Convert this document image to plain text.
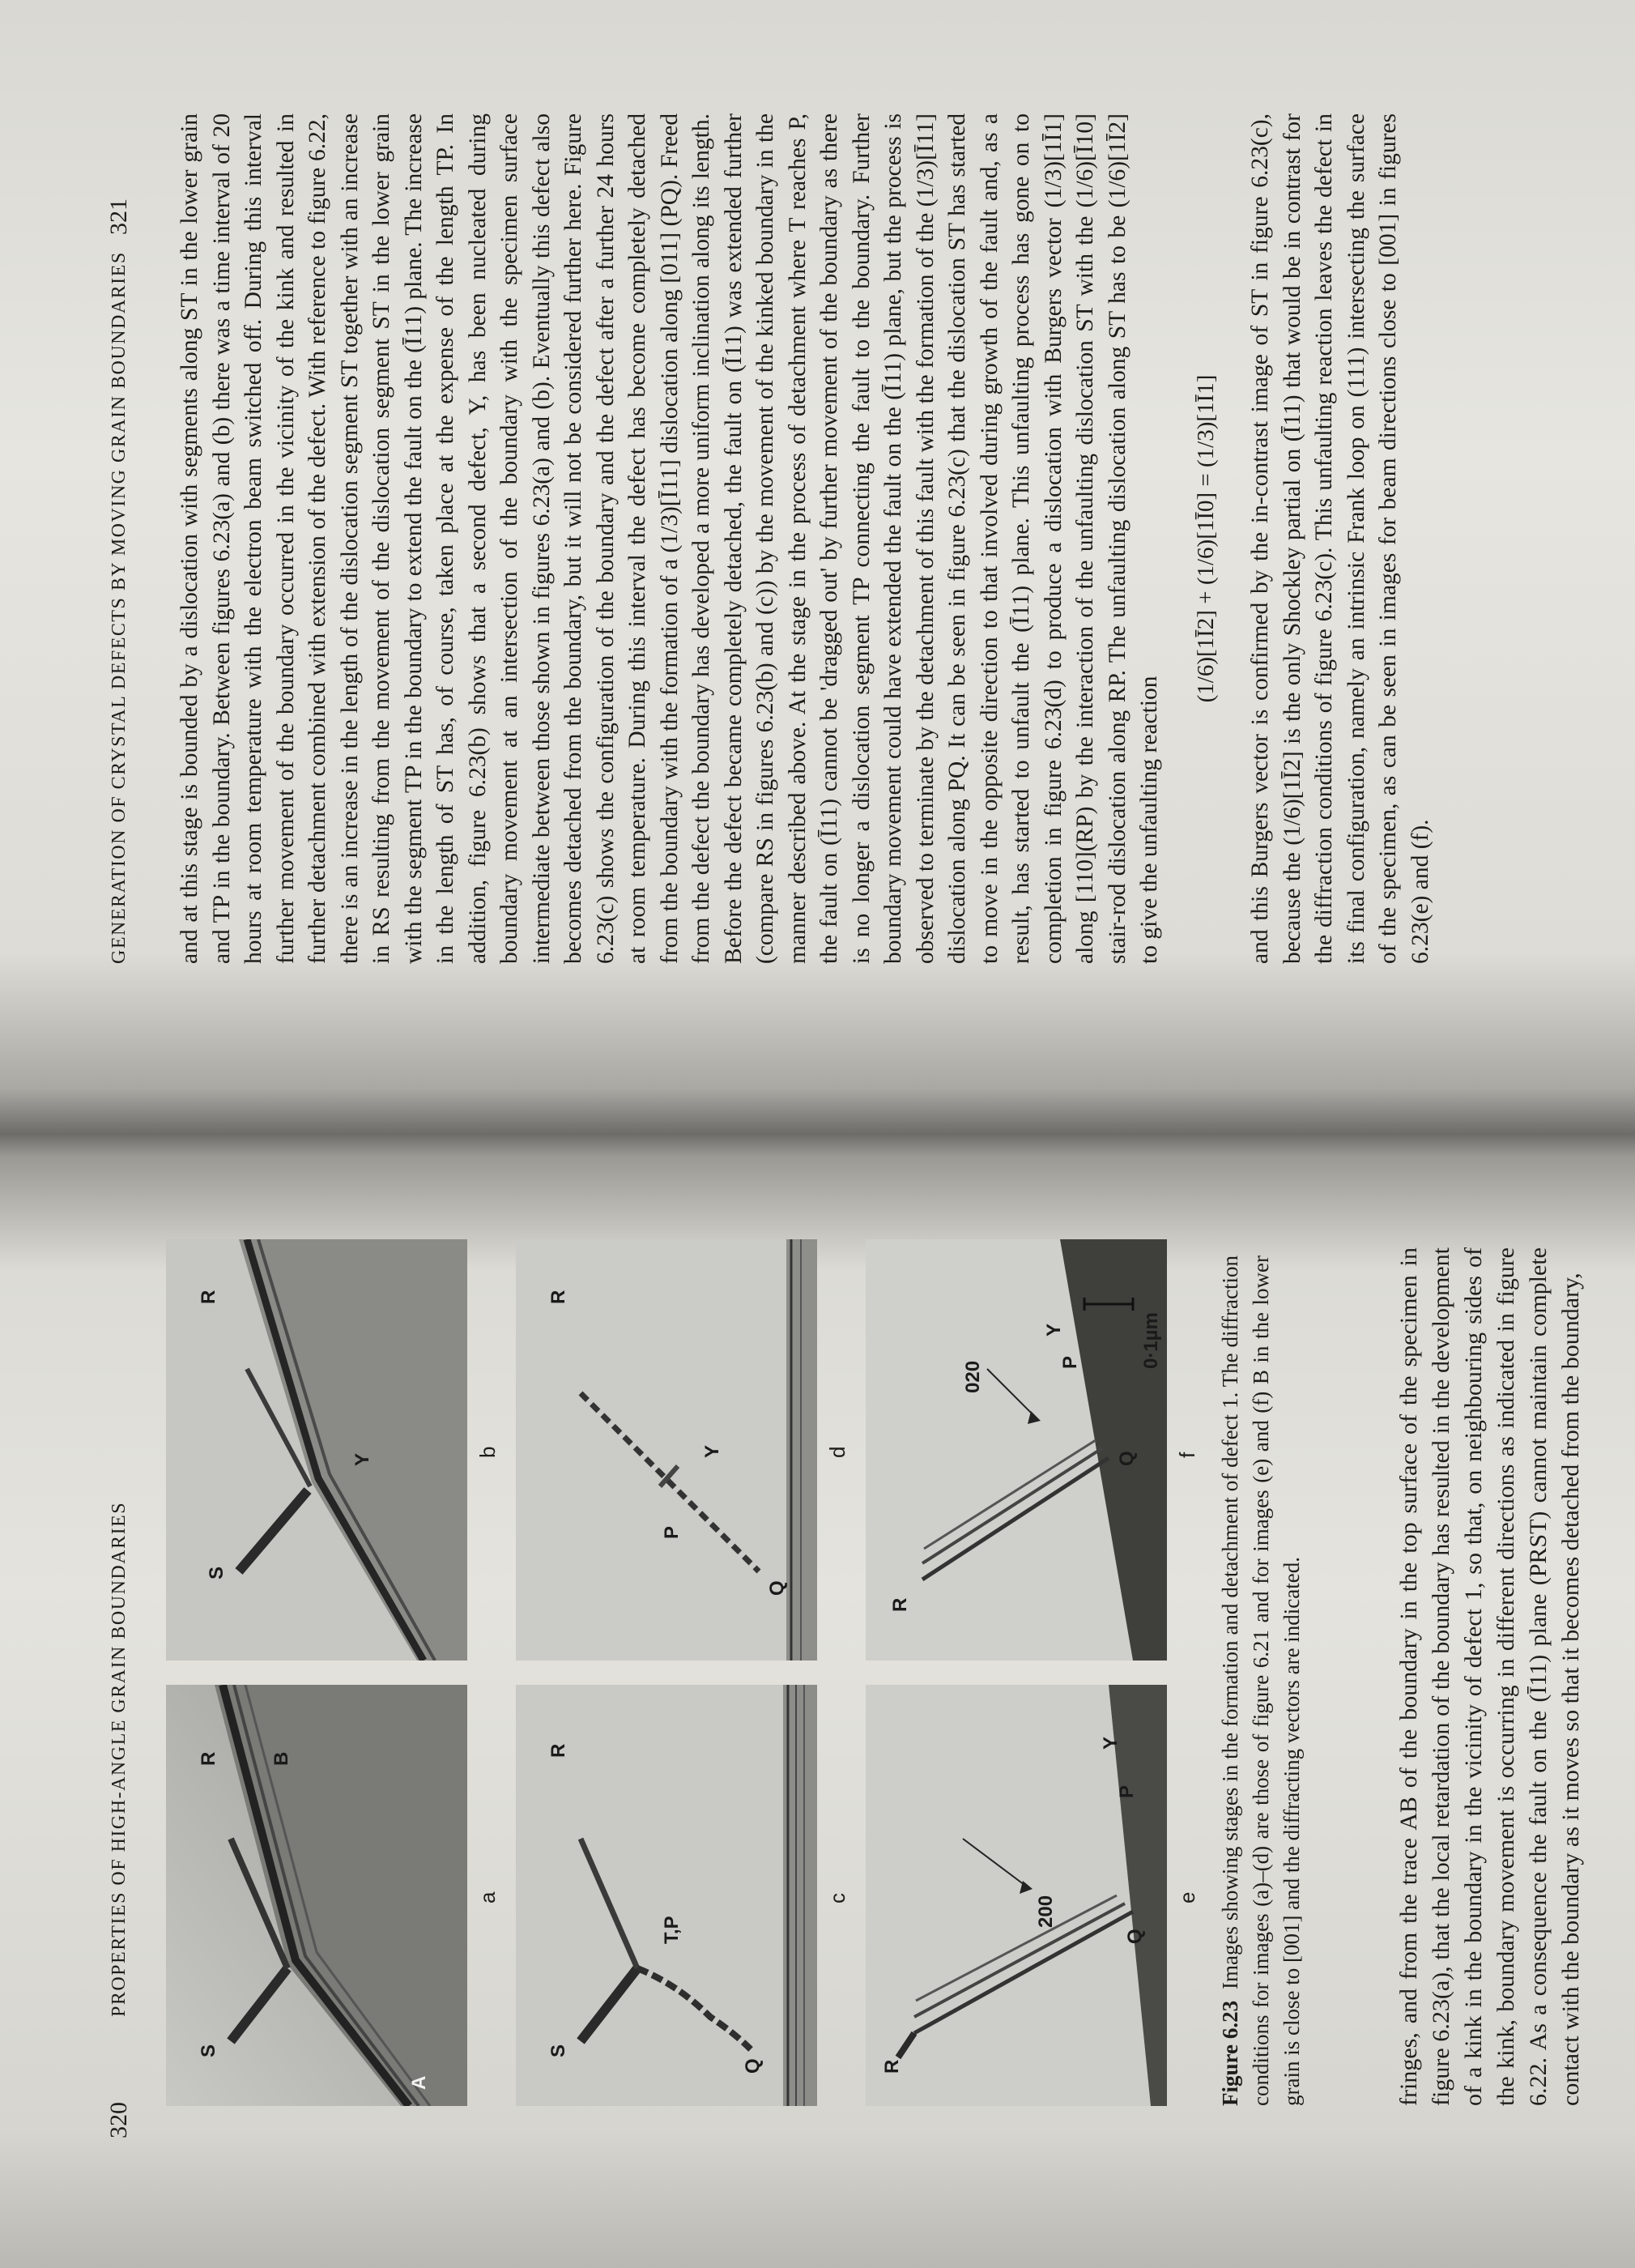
320
PROPERTIES OF HIGH-ANGLE GRAIN BOUNDARIES
S
R
A
B
a
S
R
Y
b
S
R
T,P
Q
c
R
Y
P
Q
d
R
Y
P
Q
200	e
R
Y
P
Q
020
0·1µm
f
Figure 6.23  Images showing stages in the formation and detachment of defect 1. The diffraction conditions for images (a)–(d) are those of figure 6.21 and for images (e) and (f) B in the lower grain is close to [001] and the diffracting vectors are indicated.	fringes, and from the trace AB of the boundary in the top surface of the specimen in figure 6.23(a), that the local retardation of the boundary has resulted in the development of a kink in the boundary in the vicinity of defect 1, so that, on neighbouring sides of the kink, boundary movement is occurring in different directions as indicated in figure 6.22. As a consequence the fault on the (Ī11) plane (PRST) cannot maintain complete contact with the boundary as it moves so that it becomes detached from the boundary,
GENERATION OF CRYSTAL DEFECTS BY MOVING GRAIN BOUNDARIES
321 and at this stage is bounded by a dislocation with segments along ST in the lower grain and TP in the boundary. Between figures 6.23(a) and (b) there was a time interval of 20 hours at room temperature with the electron beam switched off. During this interval further movement of the boundary occurred in the vicinity of the kink and resulted in further detachment combined with extension of the defect. With reference to figure 6.22, there is an increase in the length of the dislocation segment ST together with an increase in RS resulting from the movement of the dislocation segment ST in the lower grain with the segment TP in the boundary to extend the fault on the (Ī11) plane. The increase in the length of ST has, of course, taken place at the expense of the length TP. In addition, figure 6.23(b) shows that a second defect, Y, has been nucleated during boundary movement at an intersection of the boundary with the specimen surface intermediate between those shown in figures 6.23(a) and (b). Eventually this defect also becomes detached from the boundary, but it will not be considered further here. Figure 6.23(c) shows the configuration of the boundary and the defect after a further 24 hours at room temperature. During this interval the defect has become completely detached from the boundary with the formation of a (1/3)[Ī11] dislocation along [011] (PQ). Freed from the defect the boundary has developed a more uniform inclination along its length. Before the defect became completely detached, the fault on (Ī11) was extended further (compare RS in figures 6.23(b) and (c)) by the movement of the kinked boundary in the manner described above. At the stage in the process of detachment where T reaches P, the fault on (Ī11) cannot be 'dragged out' by further movement of the boundary as there is no longer a dislocation segment TP connecting the fault to the boundary. Further boundary movement could have extended the fault on the (Ī11) plane, but the process is observed to terminate by the detachment of this fault with the formation of the (1/3)[Ī11] dislocation along PQ. It can be seen in figure 6.23(c) that the dislocation ST has started to move in the opposite direction to that involved during growth of the fault and, as a result, has started to unfault the (Ī11) plane. This unfaulting process has gone on to completion in figure 6.23(d) to produce a dislocation with Burgers vector (1/3)[1Ī1] along [110](RP) by the interaction of the unfaulting dislocation ST with the (1/6)[Ī10] stair-rod dislocation along RP. The unfaulting dislocation along ST has to be (1/6)[1Ī2] to give the unfaulting reaction

(1/6)[1Ī2] + (1/6)[1Ī0] = (1/3)[1Ī1] and this Burgers vector is confirmed by the in-contrast image of ST in figure 6.23(c), because the (1/6)[1Ī2] is the only Shockley partial on (Ī11) that would be in contrast for the diffraction conditions of figure 6.23(c). This unfaulting reaction leaves the defect in its final configuration, namely an intrinsic Frank loop on (111) intersecting the surface of the specimen, as can be seen in images for beam directions close to [001] in figures 6.23(e) and (f).
